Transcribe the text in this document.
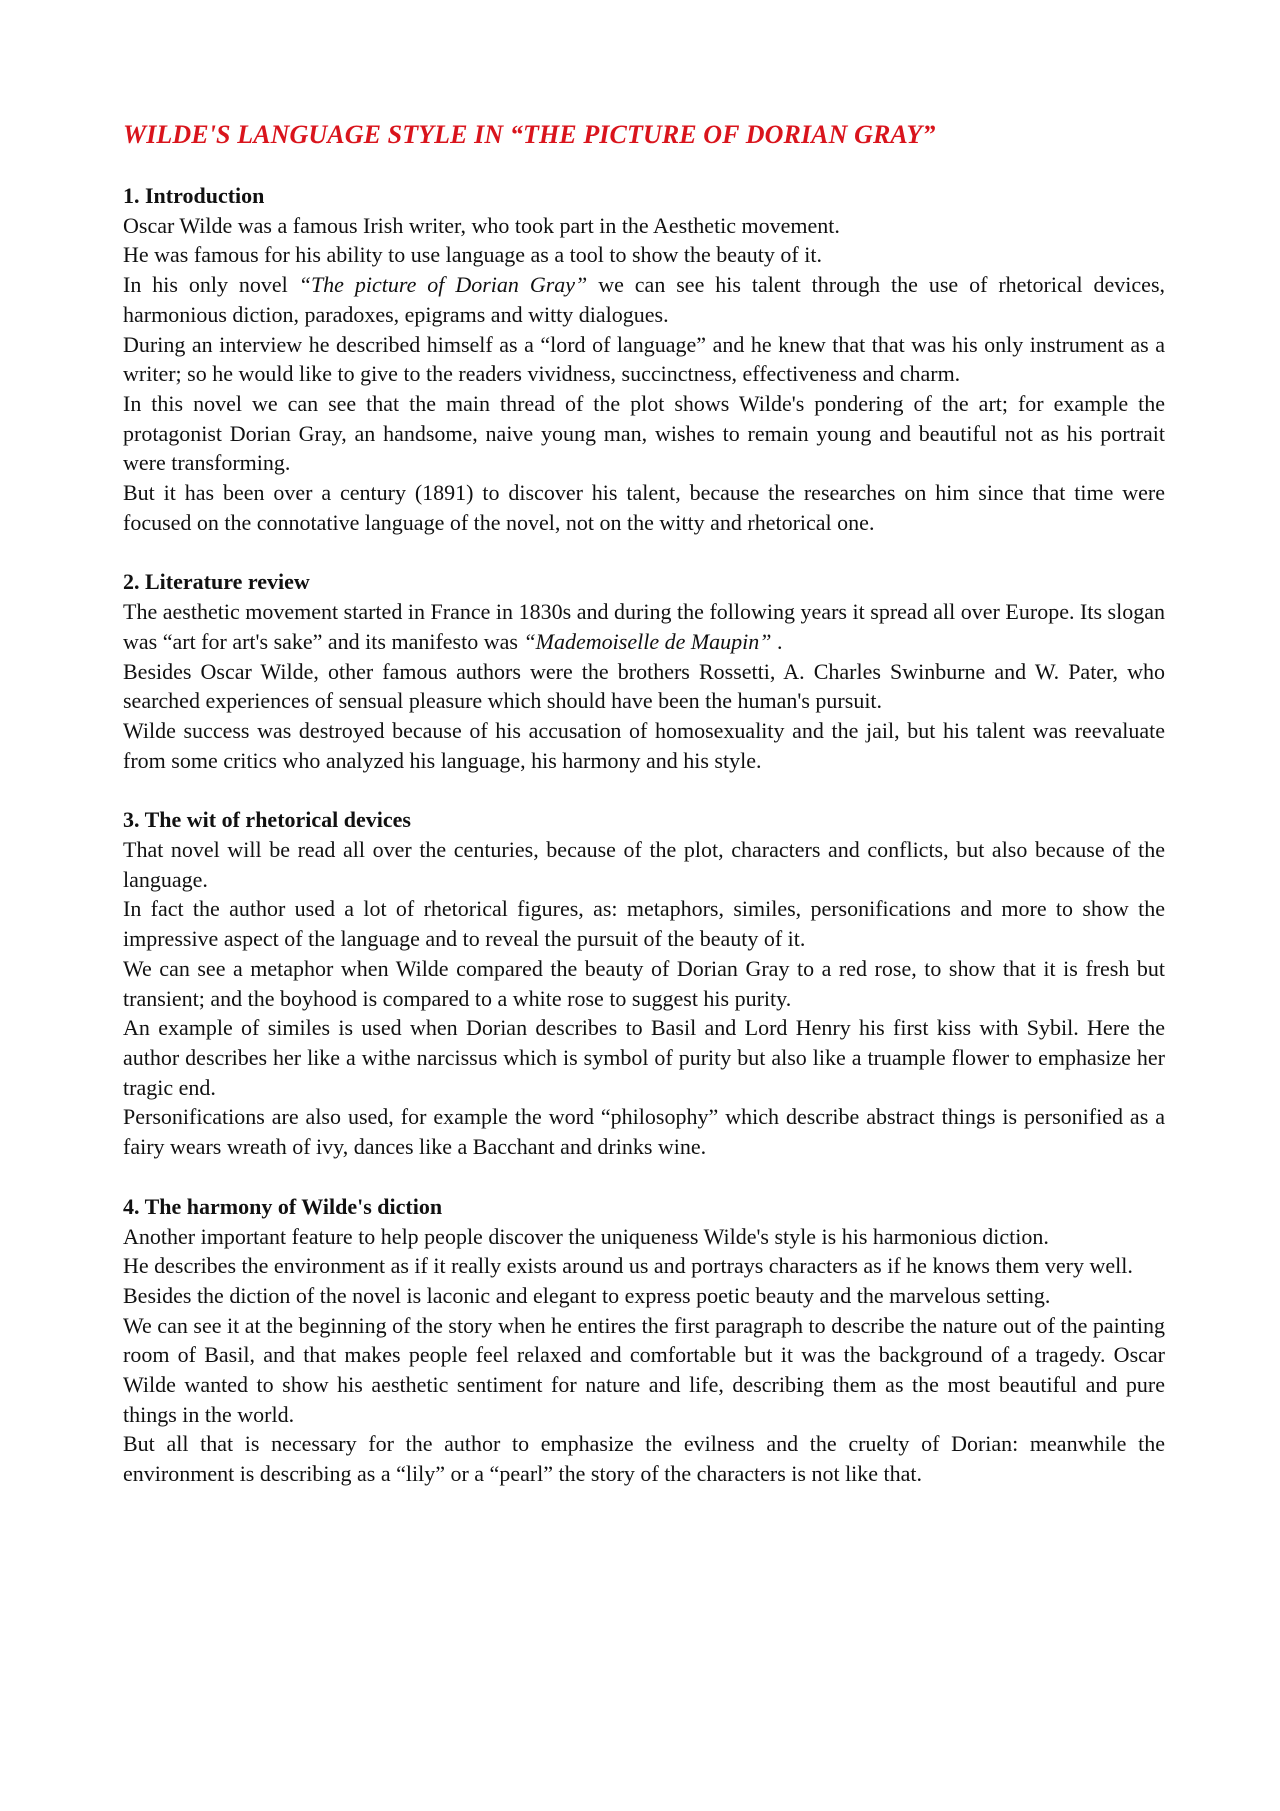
WILDE'S LANGUAGE STYLE IN “THE PICTURE OF DORIAN GRAY”
1. Introduction

Oscar Wilde was a famous Irish writer, who took part in the Aesthetic movement.

He was famous for his ability to use language as a tool to show the beauty of it.

In his only novel “The picture of Dorian Gray” we can see his talent through the use of rhetorical devices, harmonious diction, paradoxes, epigrams and witty dialogues.

During an interview he described himself as a “lord of language” and he knew that that was his only instrument as a writer; so he would like to give to the readers vividness, succinctness, effectiveness and charm.

In this novel we can see that the main thread of the plot shows Wilde's pondering of the art; for example the protagonist Dorian Gray, an handsome, naive young man, wishes to remain young and beautiful not as his portrait were transforming.

But it has been over a century (1891) to discover his talent, because the researches on him since that time were focused on the connotative language of the novel, not on the witty and rhetorical one.

2. Literature review

The aesthetic movement started in France in 1830s and during the following years it spread all over Europe. Its slogan was “art for art's sake” and its manifesto was “Mademoiselle de Maupin” .

Besides Oscar Wilde, other famous authors were the brothers Rossetti, A. Charles Swinburne and W. Pater, who searched experiences of sensual pleasure which should have been the human's pursuit.

Wilde success was destroyed because of his accusation of homosexuality and the jail, but his talent was reevaluate from some critics who analyzed his language, his harmony and his style.

3. The wit of rhetorical devices

That novel will be read all over the centuries, because of the plot, characters and conflicts, but also because of the language.

In fact the author used a lot of rhetorical figures, as: metaphors, similes, personifications and more to show the impressive aspect of the language and to reveal the pursuit of the beauty of it.

We can see a metaphor when Wilde compared the beauty of Dorian Gray to a red rose, to show that it is fresh but transient; and the boyhood is compared to a white rose to suggest his purity.

An example of similes is used when Dorian describes to Basil and Lord Henry his first kiss with Sybil. Here the author describes her like a withe narcissus which is symbol of purity but also like a truample flower to emphasize her tragic end.

Personifications are also used, for example the word “philosophy” which describe abstract things is personified as a fairy wears wreath of ivy, dances like a Bacchant and drinks wine.

4. The harmony of Wilde's diction

Another important feature to help people discover the uniqueness Wilde's style is his harmonious diction.

He describes the environment as if it really exists around us and portrays characters as if he knows them very well.

Besides the diction of the novel is laconic and elegant to express poetic beauty and the marvelous setting.

We can see it at the beginning of the story when he entires the first paragraph to describe the nature out of the painting room of Basil, and that makes people feel relaxed and comfortable but it was the background of a tragedy. Oscar Wilde wanted to show his aesthetic sentiment for nature and life, describing them as the most beautiful and pure things in the world.

But all that is necessary for the author to emphasize the evilness and the cruelty of Dorian: meanwhile the environment is describing as a “lily” or a “pearl” the story of the characters is not like that.
